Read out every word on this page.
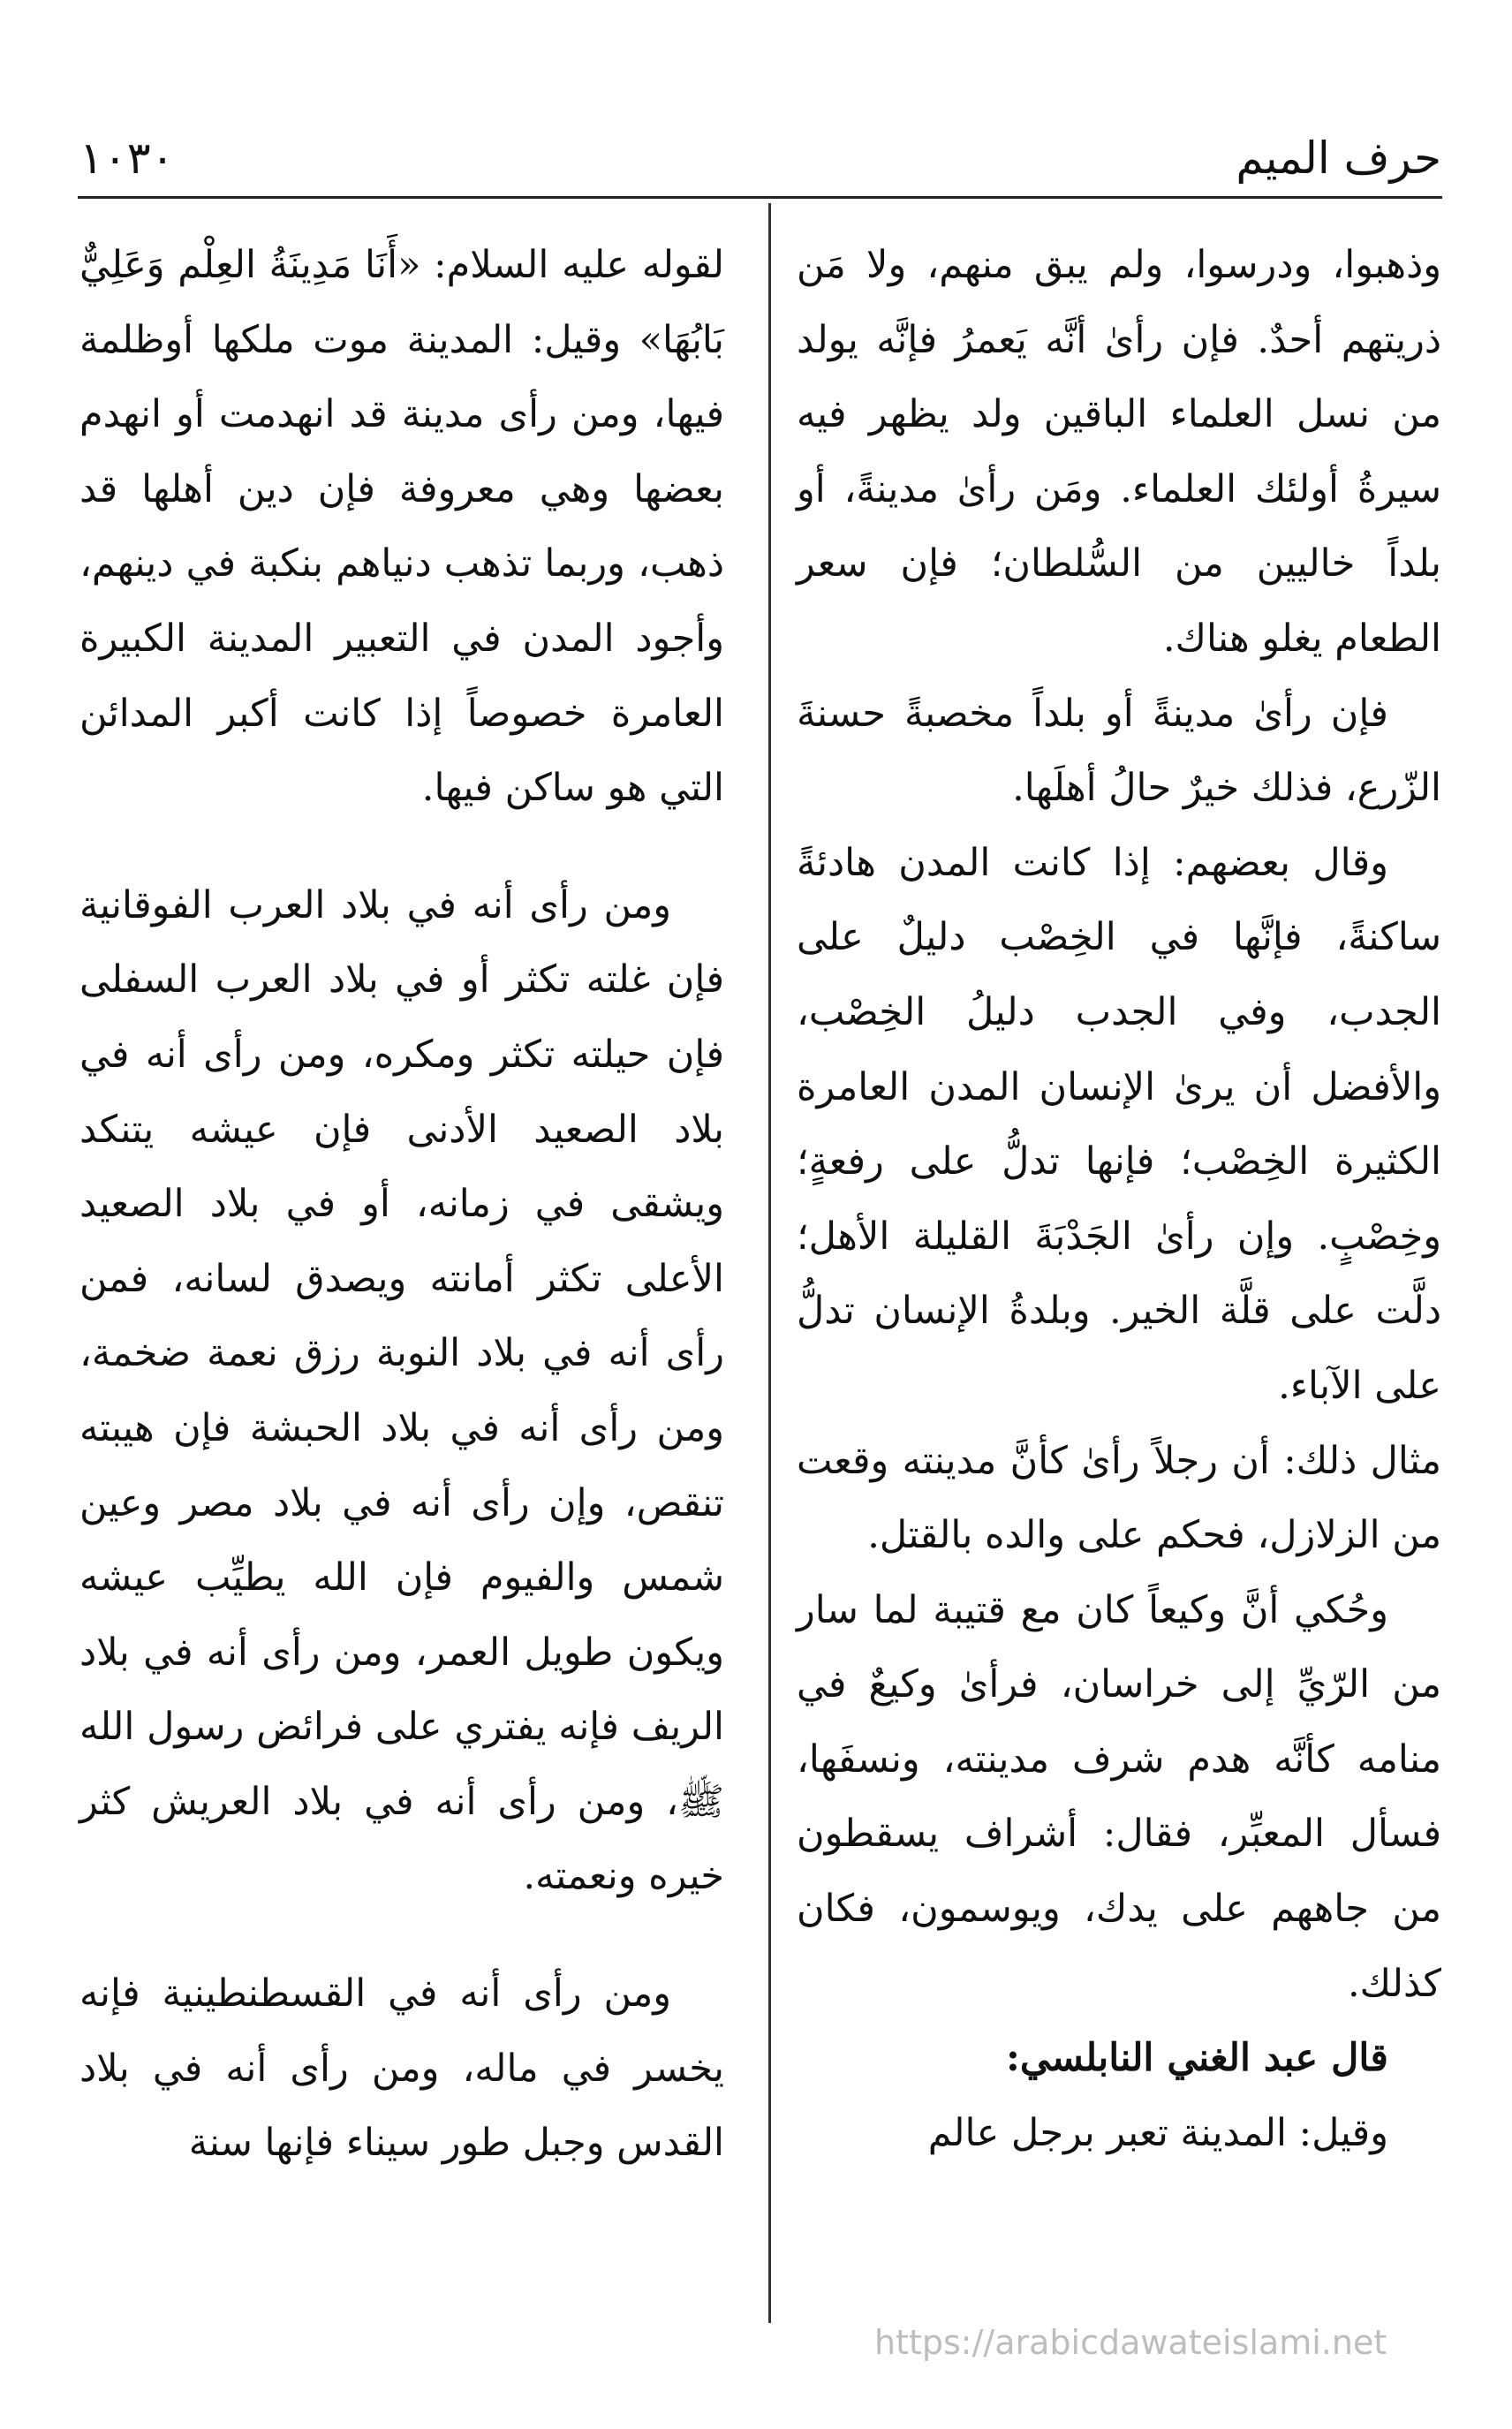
١٠٣٠	حرف الميم

وذهبوا، ودرسوا، ولم يبق منهم، ولا مَن ذريتهم أحدٌ. فإن رأىٰ أنَّه يَعمرُ فإنَّه يولد من نسل العلماء الباقين ولد يظهر فيه سيرةُ أولئك العلماء. ومَن رأىٰ مدينةً، أو بلداً خاليين من السُّلطان؛ فإن سعر الطعام يغلو هناك.

فإن رأىٰ مدينةً أو بلداً مخصبةً حسنةَ الزّرع، فذلك خيرٌ حالُ أهلَها.

وقال بعضهم: إذا كانت المدن هادئةً ساكنةً، فإنَّها في الخِصْب دليلٌ على الجدب، وفي الجدب دليلُ الخِصْب، والأفضل أن يرىٰ الإنسان المدن العامرة الكثيرة الخِصْب؛ فإنها تدلُّ على رفعةٍ؛ وخِصْبٍ. وإن رأىٰ الجَدْبَةَ القليلة الأهل؛ دلَّت على قلَّة الخير. وبلدةُ الإنسان تدلُّ على الآباء.

مثال ذلك: أن رجلاً رأىٰ كأنَّ مدينته وقعت من الزلازل، فحكم على والده بالقتل.

وحُكي أنَّ وكيعاً كان مع قتيبة لما سار من الرّيِّ إلى خراسان، فرأىٰ وكيعٌ في منامه كأنَّه هدم شرف مدينته، ونسفَها، فسأل المعبِّر، فقال: أشراف يسقطون من جاههم على يدك، ويوسمون، فكان كذلك.

قال عبد الغني النابلسي:

وقيل: المدينة تعبر برجل عالم

لقوله عليه السلام: «أَنَا مَدِينَةُ العِلْم وَعَلِيٌّ بَابُهَا» وقيل: المدينة موت ملكها أوظلمة فيها، ومن رأى مدينة قد انهدمت أو انهدم بعضها وهي معروفة فإن دين أهلها قد ذهب، وربما تذهب دنياهم بنكبة في دينهم، وأجود المدن في التعبير المدينة الكبيرة العامرة خصوصاً إذا كانت أكبر المدائن التي هو ساكن فيها.

ومن رأى أنه في بلاد العرب الفوقانية فإن غلته تكثر أو في بلاد العرب السفلى فإن حيلته تكثر ومكره، ومن رأى أنه في بلاد الصعيد الأدنى فإن عيشه يتنكد ويشقى في زمانه، أو في بلاد الصعيد الأعلى تكثر أمانته ويصدق لسانه، فمن رأى أنه في بلاد النوبة رزق نعمة ضخمة، ومن رأى أنه في بلاد الحبشة فإن هيبته تنقص، وإن رأى أنه في بلاد مصر وعين شمس والفيوم فإن الله يطيِّب عيشه ويكون طويل العمر، ومن رأى أنه في بلاد الريف فإنه يفتري على فرائض رسول الله ﷺ، ومن رأى أنه في بلاد العريش كثر خيره ونعمته.

ومن رأى أنه في القسطنطينية فإنه يخسر في ماله، ومن رأى أنه في بلاد القدس وجبل طور سيناء فإنها سنة

https://arabicdawateislami.net
